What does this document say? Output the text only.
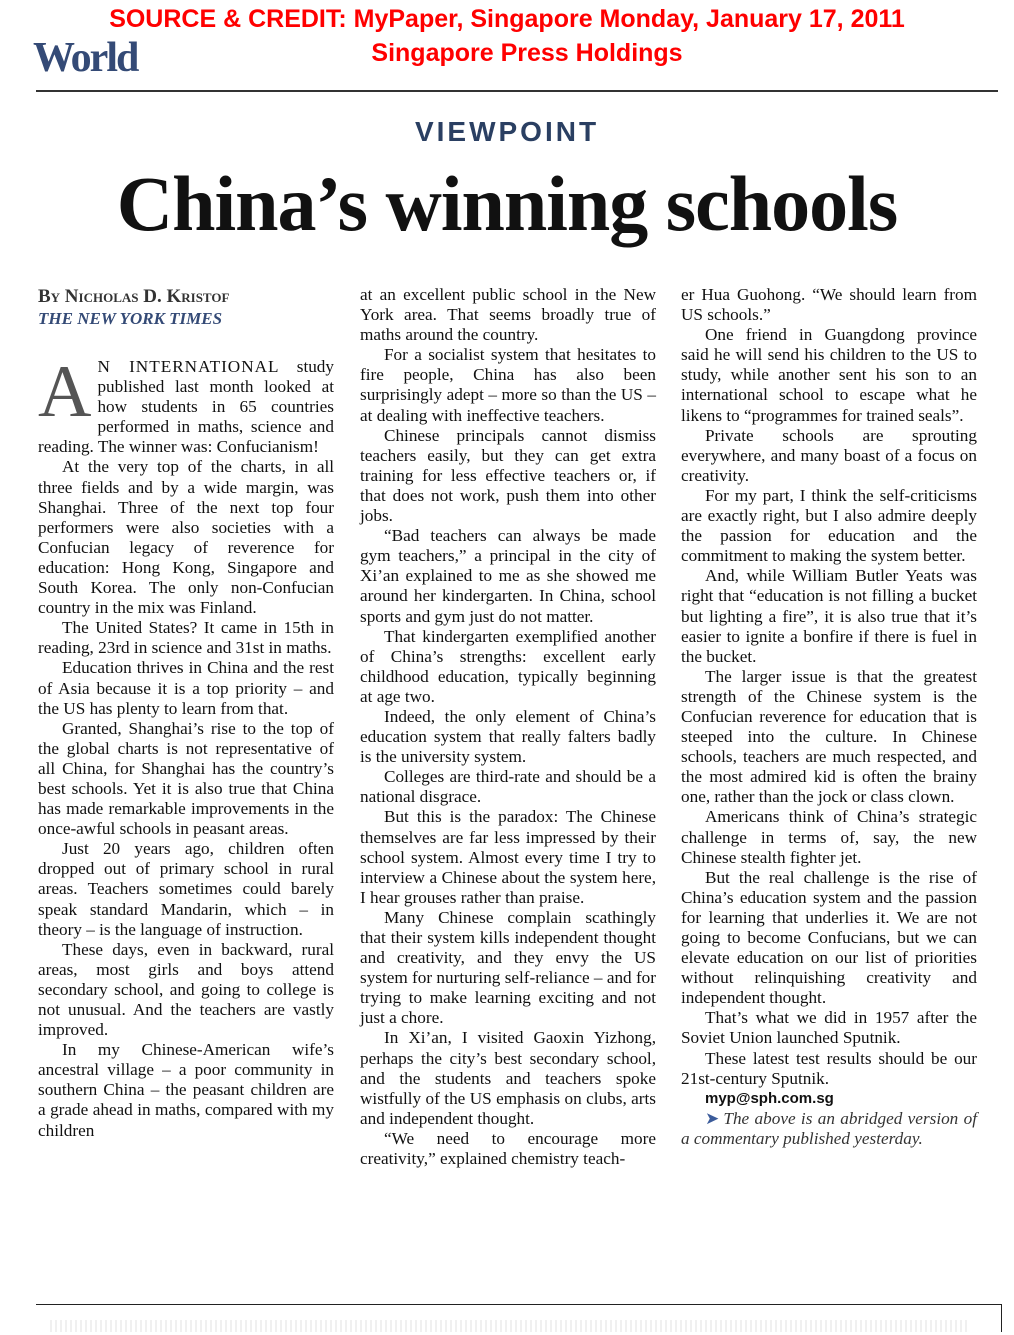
SOURCE & CREDIT: MyPaper, Singapore Monday, January 17, 2011

Singapore Press Holdings

World
VIEWPOINT
China’s winning schools

By Nicholas D. Kristof

THE NEW YORK TIMES

A N INTERNATIONAL study published last month looked at how students in 65 countries performed in maths, science and reading. The winner was: Confucianism!

At the very top of the charts, in all three fields and by a wide margin, was Shanghai. Three of the next top four performers were also societies with a Confucian legacy of reverence for education: Hong Kong, Singapore and South Korea. The only non-Confucian country in the mix was Finland.

The United States? It came in 15th in reading, 23rd in science and 31st in maths.

Education thrives in China and the rest of Asia because it is a top priority – and the US has plenty to learn from that.

Granted, Shanghai’s rise to the top of the global charts is not representative of all China, for Shanghai has the country’s best schools. Yet it is also true that China has made remarkable improvements in the once-awful schools in peasant areas.

Just 20 years ago, children often dropped out of primary school in rural areas. Teachers sometimes could barely speak standard Mandarin, which – in theory – is the language of instruction.

These days, even in backward, rural areas, most girls and boys attend secondary school, and going to college is not unusual. And the teachers are vastly improved.

In my Chinese-American wife’s ancestral village – a poor community in southern China – the peasant children are a grade ahead in maths, compared with my children

at an excellent public school in the New York area. That seems broadly true of maths around the country.

For a socialist system that hesitates to fire people, China has also been surprisingly adept – more so than the US – at dealing with ineffective teachers.

Chinese principals cannot dismiss teachers easily, but they can get extra training for less effective teachers or, if that does not work, push them into other jobs.

“Bad teachers can always be made gym teachers,” a principal in the city of Xi’an explained to me as she showed me around her kindergarten. In China, school sports and gym just do not matter.

That kindergarten exemplified another of China’s strengths: excellent early childhood education, typically beginning at age two.

Indeed, the only element of China’s education system that really falters badly is the university system.

Colleges are third-rate and should be a national disgrace.

But this is the paradox: The Chinese themselves are far less impressed by their school system. Almost every time I try to interview a Chinese about the system here, I hear grouses rather than praise.

Many Chinese complain scathingly that their system kills independent thought and creativity, and they envy the US system for nurturing self-reliance – and for trying to make learning exciting and not just a chore.

In Xi’an, I visited Gaoxin Yizhong, perhaps the city’s best secondary school, and the students and teachers spoke wistfully of the US emphasis on clubs, arts and independent thought.

“We need to encourage more creativity,” explained chemistry teach-

er Hua Guohong. “We should learn from US schools.”

One friend in Guangdong province said he will send his children to the US to study, while another sent his son to an international school to escape what he likens to “programmes for trained seals”.

Private schools are sprouting everywhere, and many boast of a focus on creativity.

For my part, I think the self-criticisms are exactly right, but I also admire deeply the passion for education and the commitment to making the system better.

And, while William Butler Yeats was right that “education is not filling a bucket but lighting a fire”, it is also true that it’s easier to ignite a bonfire if there is fuel in the bucket.

The larger issue is that the greatest strength of the Chinese system is the Confucian reverence for education that is steeped into the culture. In Chinese schools, teachers are much respected, and the most admired kid is often the brainy one, rather than the jock or class clown.

Americans think of China’s strategic challenge in terms of, say, the new Chinese stealth fighter jet.

But the real challenge is the rise of China’s education system and the passion for learning that underlies it. We are not going to become Confucians, but we can elevate education on our list of priorities without relinquishing creativity and independent thought.

That’s what we did in 1957 after the Soviet Union launched Sputnik.

These latest test results should be our 21st-century Sputnik.

myp@sph.com.sg

➤ The above is an abridged version of a commentary published yesterday.
